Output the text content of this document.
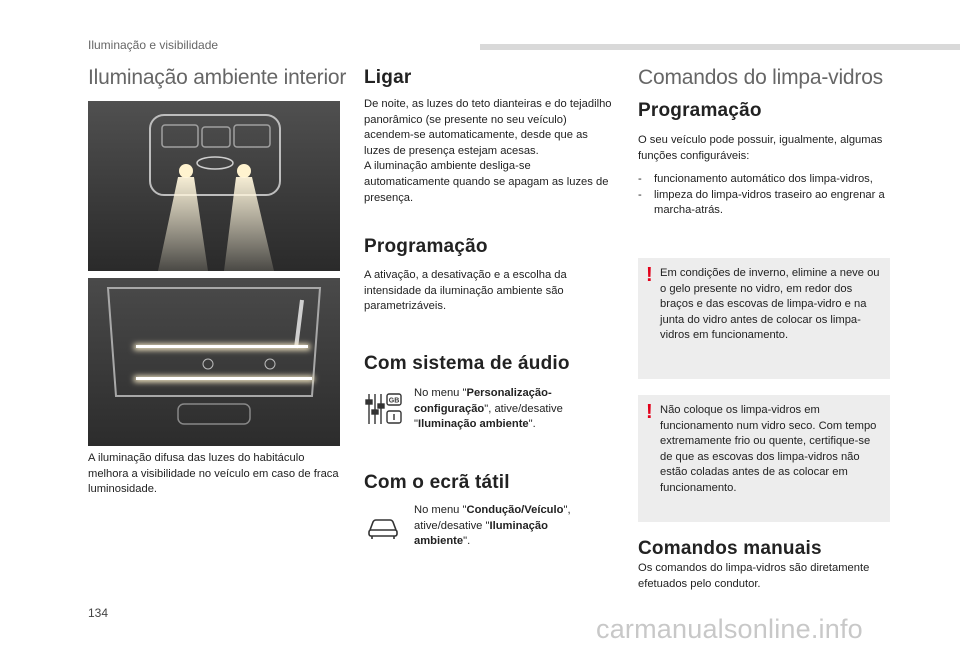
Iluminação e visibilidade
Iluminação ambiente interior
A iluminação difusa das luzes do habitáculo melhora a visibilidade no veículo em caso de fraca luminosidade.
Ligar
De noite, as luzes do teto dianteiras e do tejadilho panorâmico (se presente no seu veículo) acendem-se automaticamente, desde que as luzes de presença estejam acesas.
A iluminação ambiente desliga-se automaticamente quando se apagam as luzes de presença.
Programação
A ativação, a desativação e a escolha da intensidade da iluminação ambiente são parametrizáveis.
Com sistema de áudio
GB
No menu "Personalização-configuração", ative/desative "Iluminação ambiente".
Com o ecrã tátil
No menu "Condução/Veículo", ative/desative "Iluminação ambiente".
Comandos do limpa-vidros
Programação
O seu veículo pode possuir, igualmente, algumas funções configuráveis:
- funcionamento automático dos limpa-vidros,
- limpeza do limpa-vidros traseiro ao engrenar a marcha-atrás.
! Em condições de inverno, elimine a neve ou o gelo presente no vidro, em redor dos braços e das escovas de limpa-vidro e na junta do vidro antes de colocar os limpa-vidros em funcionamento.
! Não coloque os limpa-vidros em funcionamento num vidro seco. Com tempo extremamente frio ou quente, certifique-se de que as escovas dos limpa-vidros não estão coladas antes de as colocar em funcionamento.
Comandos manuais
Os comandos do limpa-vidros são diretamente efetuados pelo condutor.
134
carmanualsonline.info
